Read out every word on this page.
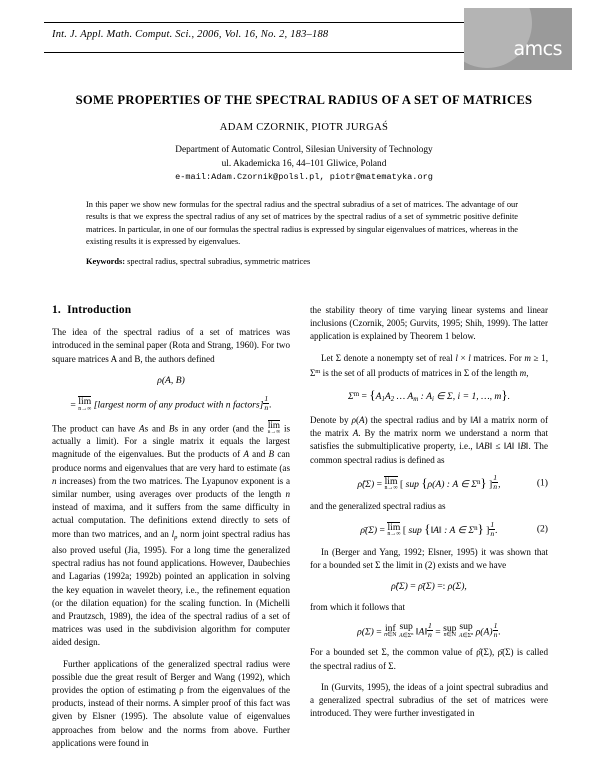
Int. J. Appl. Math. Comput. Sci., 2006, Vol. 16, No. 2, 183–188
amcs
SOME PROPERTIES OF THE SPECTRAL RADIUS OF A SET OF MATRICES
ADAM CZORNIK, PIOTR JURGAŚ
Department of Automatic Control, Silesian University of Technology
ul. Akademicka 16, 44–101 Gliwice, Poland
e-mail:Adam.Czornik@polsl.pl, piotr@matematyka.org
In this paper we show new formulas for the spectral radius and the spectral subradius of a set of matrices. The advantage of our results is that we express the spectral radius of any set of matrices by the spectral radius of a set of symmetric positive definite matrices. In particular, in one of our formulas the spectral radius is expressed by singular eigenvalues of matrices, whereas in the existing results it is expressed by eigenvalues.
Keywords: spectral radius, spectral subradius, symmetric matrices
1. Introduction

The idea of the spectral radius of a set of matrices was introduced in the seminal paper (Rota and Strang, 1960). For two square matrices A and B, the authors defined

ρ(A, B)
= lim
n→∞ [largest norm of any product with n factors] $\frac{1}{n}$ .

The product can have As and Bs in any order (and the lim
n→∞ is actually a limit). For a single matrix it equals the largest magnitude of the eigenvalues. But the products of A and B can produce norms and eigenvalues that are very hard to estimate (as n increases) from the two matrices. The Lyapunov exponent is a similar number, using averages over products of the length n instead of maxima, and it suffers from the same difficulty in actual computation. The definitions extend directly to sets of more than two matrices, and an $l_p$ norm joint spectral radius has also proved useful (Jia, 1995). For a long time the generalized spectral radius has not found applications. However, Daubechies and Lagarias (1992a; 1992b) pointed an application in solving the key equation in wavelet theory, i.e., the refinement equation (or the dilation equation) for the scaling function. In (Michelli and Prautzsch, 1989), the idea of the spectral radius of a set of matrices was used in the subdivision algorithm for computer aided design.

Further applications of the generalized spectral radius were possible due the great result of Berger and Wang (1992), which provides the option of estimating ρ from the eigenvalues of the products, instead of their norms. A simpler proof of this fact was given by Elsner (1995). The absolute value of eigenvalues approaches from below and the norms from above. Further applications were found in

the stability theory of time varying linear systems and linear inclusions (Czornik, 2005; Gurvits, 1995; Shih, 1999). The latter application is explained by Theorem 1 below.

Let Σ denote a nonempty set of real l × l matrices. For m ≥ 1, $\Sigma^m$ is the set of all products of matrices in Σ of the length m,

$\Sigma^m = \{A_1A_2$ … $A_m$ : $A_i$ ∈ Σ, i = 1, …, m}.

Denote by ρ(A) the spectral radius and by ‖A‖ a matrix norm of the matrix A. By the matrix norm we understand a norm that satisfies the submultiplicative property, i.e., ‖AB‖ ≤ ‖A‖ ‖B‖. The common spectral radius is defined as

ρ̂(Σ) = lim
n→∞ [ sup {ρ(A) : A ∈ $\Sigma^n$} ] $\frac{1}{n}$ ,	(1)

and the generalized spectral radius as

ρ̄(Σ) = lim
n→∞ [ sup {‖A‖ : A ∈ $\Sigma^n$} ] $\frac{1}{n}$ .	(2)

In (Berger and Yang, 1992; Elsner, 1995) it was shown that for a bounded set Σ the limit in (2) exists and we have

ρ̂(Σ) = ρ̄(Σ) =: ρ(Σ),

from which it follows that

ρ(Σ) = inf
n∈N

sup
$A\in\Sigma^n$ ‖A‖ $\frac{1}{n}$ = sup
n∈N

sup
$A\in\Sigma^n$ $\rho(A) \frac{1}{n}$ .

For a bounded set Σ, the common value of ρ̂(Σ), ρ̄(Σ) is called the spectral radius of Σ.

In (Gurvits, 1995), the ideas of a joint spectral subradius and a generalized spectral subradius of the set of matrices were introduced. They were further investigated in
